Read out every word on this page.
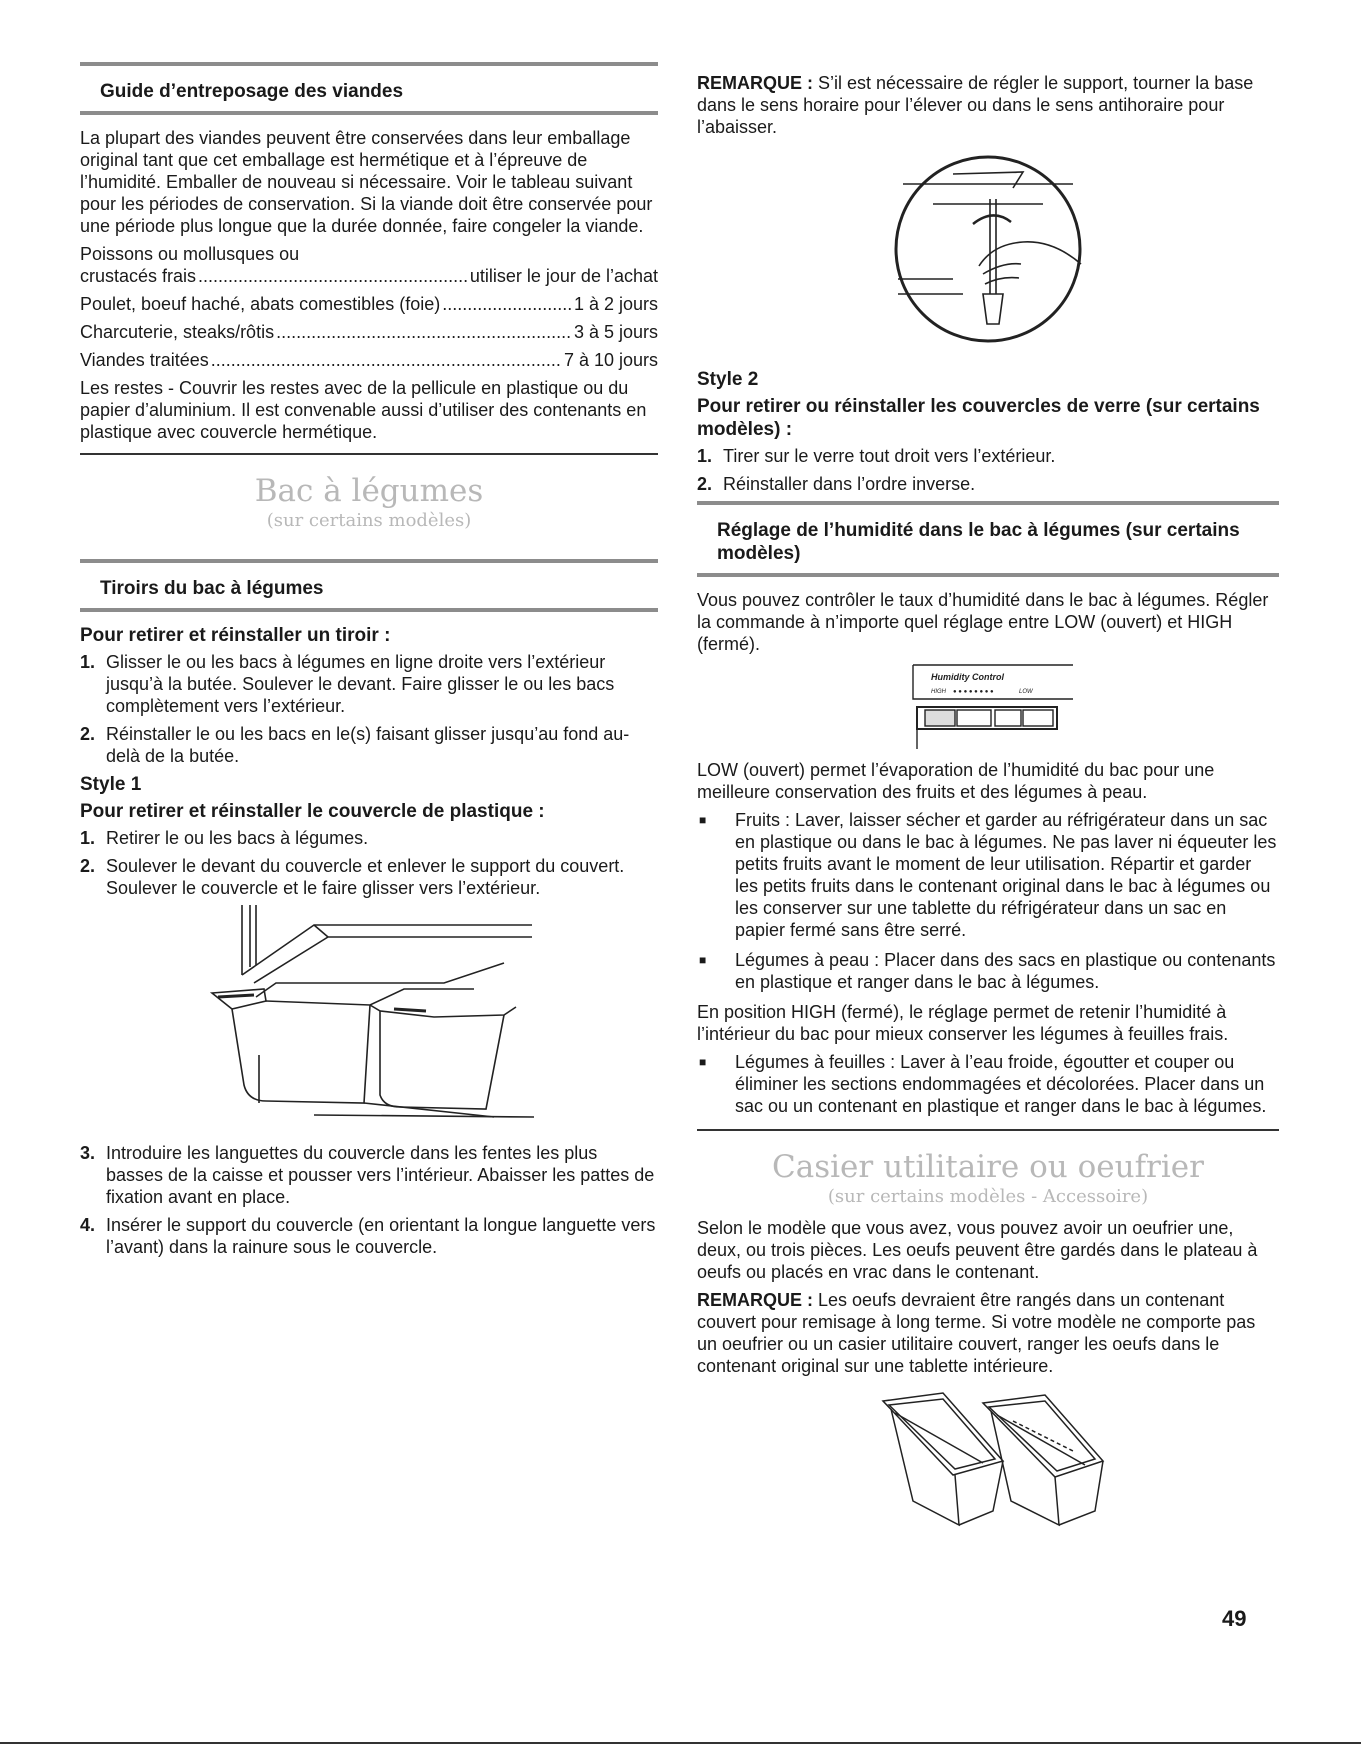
Guide d’entreposage des viandes

La plupart des viandes peuvent être conservées dans leur emballage original tant que cet emballage est hermétique et à l’épreuve de l’humidité. Emballer de nouveau si nécessaire. Voir le tableau suivant pour les périodes de conservation. Si la viande doit être conservée pour une période plus longue que la durée donnée, faire congeler la viande.

Poissons ou mollusques ou

crustacés frais .....	utiliser le jour de l’achat
Poulet, boeuf haché, abats comestibles (foie) .....	1 à 2 jours
Charcuterie, steaks/rôtis .....	3 à 5 jours
Viandes traitées .....	7 à 10 jours

Les restes - Couvrir les restes avec de la pellicule en plastique ou du papier d’aluminium. Il est convenable aussi d’utiliser des contenants en plastique avec couvercle hermétique.

Bac à légumes
(sur certains modèles)
Tiroirs du bac à légumes
Pour retirer et réinstaller un tiroir :
1. Glisser le ou les bacs à légumes en ligne droite vers l’extérieur jusqu’à la butée. Soulever le devant. Faire glisser le ou les bacs complètement vers l’extérieur.
2. Réinstaller le ou les bacs en le(s) faisant glisser jusqu’au fond au-delà de la butée.
Style 1
Pour retirer et réinstaller le couvercle de plastique :
1. Retirer le ou les bacs à légumes.
2. Soulever le devant du couvercle et enlever le support du couvert. Soulever le couvercle et le faire glisser vers l’extérieur.
3. Introduire les languettes du couvercle dans les fentes les plus basses de la caisse et pousser vers l’intérieur. Abaisser les pattes de fixation avant en place.
4. Insérer le support du couvercle (en orientant la longue languette vers l’avant) dans la rainure sous le couvercle.

REMARQUE : S’il est nécessaire de régler le support, tourner la base dans le sens horaire pour l’élever ou dans le sens antihoraire pour l’abaisser.

Style 2
Pour retirer ou réinstaller les couvercles de verre (sur certains modèles) :
1. Tirer sur le verre tout droit vers l’extérieur.
2. Réinstaller dans l’ordre inverse.
Réglage de l’humidité dans le bac à légumes (sur certains modèles)

Vous pouvez contrôler le taux d’humidité dans le bac à légumes. Régler la commande à n’importe quel réglage entre LOW (ouvert) et HIGH (fermé).

Humidity Control
HIGH ● ● ● ● ● ● ● ●	LOW

LOW (ouvert) permet l’évaporation de l’humidité du bac pour une meilleure conservation des fruits et des légumes à peau.

■	Fruits : Laver, laisser sécher et garder au réfrigérateur dans un sac en plastique ou dans le bac à légumes. Ne pas laver ni équeuter les petits fruits avant le moment de leur utilisation. Répartir et garder les petits fruits dans le contenant original dans le bac à légumes ou les conserver sur une tablette du réfrigérateur dans un sac en papier fermé sans être serré.
■	Légumes à peau : Placer dans des sacs en plastique ou contenants en plastique et ranger dans le bac à légumes.

En position HIGH (fermé), le réglage permet de retenir l’humidité à l’intérieur du bac pour mieux conserver les légumes à feuilles frais.

■	Légumes à feuilles : Laver à l’eau froide, égoutter et couper ou éliminer les sections endommagées et décolorées. Placer dans un sac ou un contenant en plastique et ranger dans le bac à légumes.
Casier utilitaire ou oeufrier
(sur certains modèles - Accessoire)

Selon le modèle que vous avez, vous pouvez avoir un oeufrier une, deux, ou trois pièces. Les oeufs peuvent être gardés dans le plateau à oeufs ou placés en vrac dans le contenant.

REMARQUE : Les oeufs devraient être rangés dans un contenant couvert pour remisage à long terme. Si votre modèle ne comporte pas un oeufrier ou un casier utilitaire couvert, ranger les oeufs dans le contenant original sur une tablette intérieure.

49
